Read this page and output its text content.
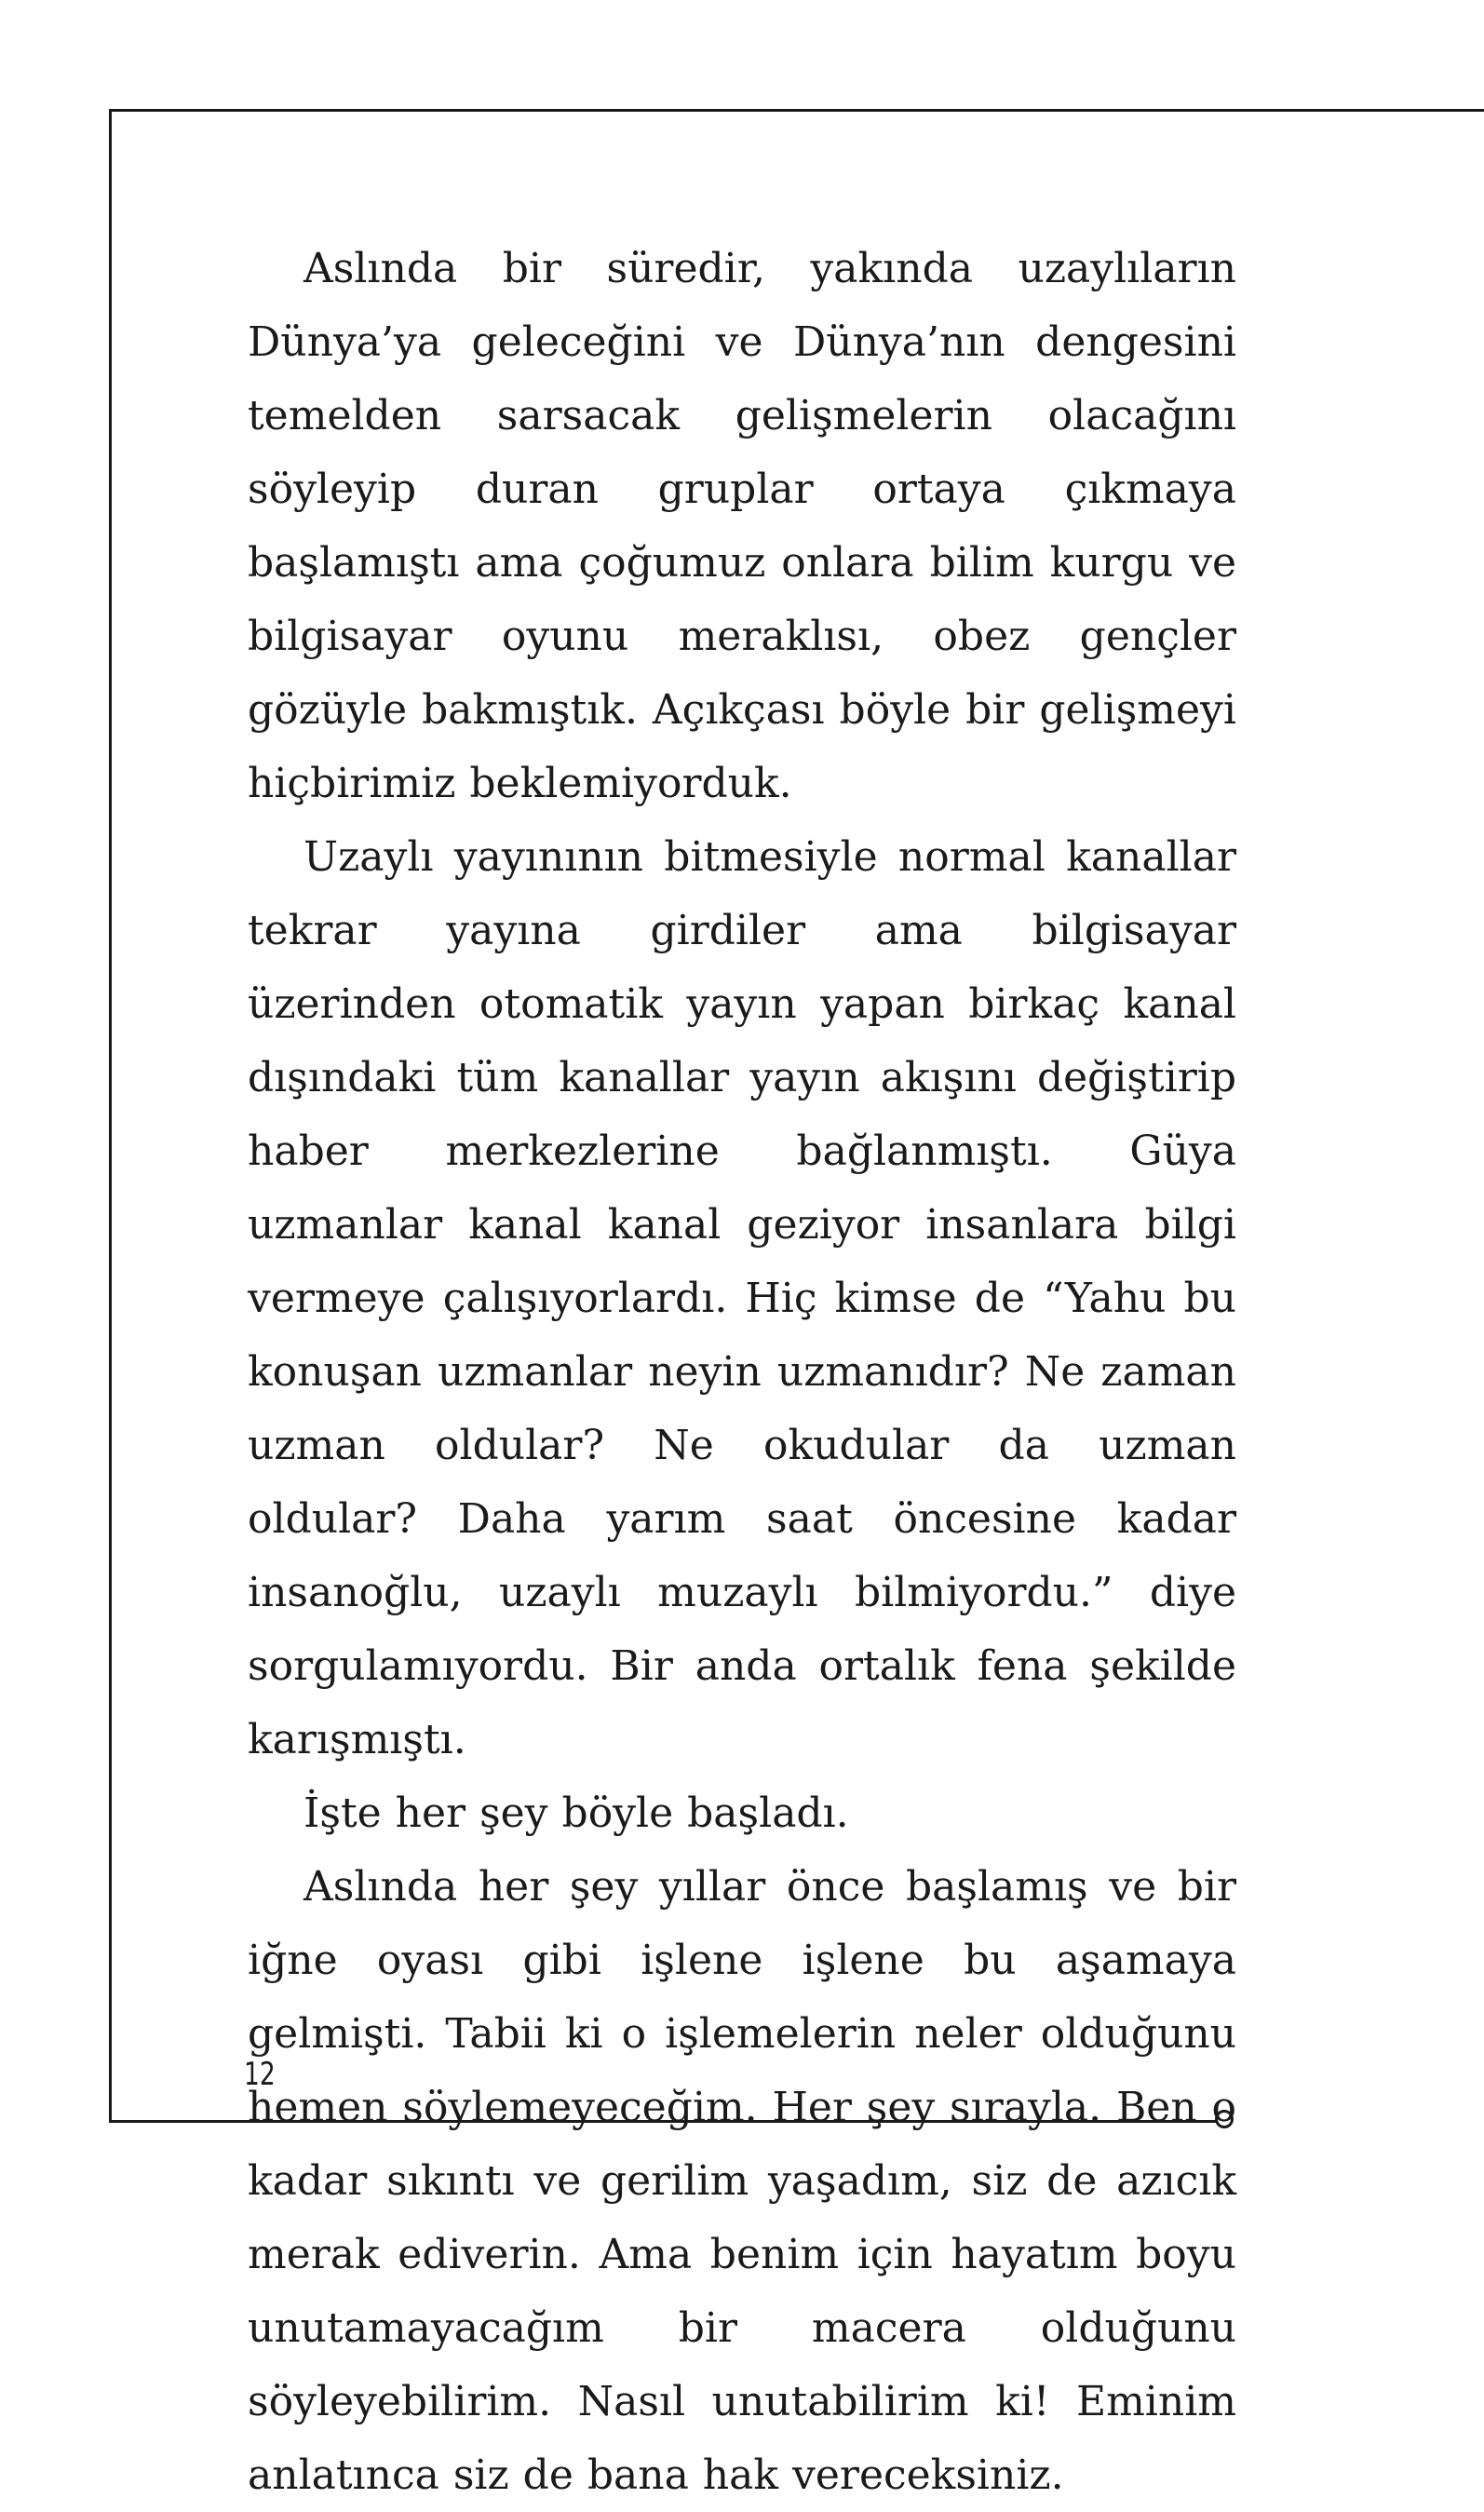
Aslında bir süredir, yakında uzaylıların Dünya’ya geleceğini ve Dünya’nın dengesini temelden sarsacak gelişmelerin olacağını söyleyip duran gruplar ortaya çıkmaya başlamıştı ama çoğumuz onlara bilim kurgu ve bilgisayar oyunu meraklısı, obez gençler gözüyle bakmıştık. Açıkçası böyle bir gelişmeyi hiçbirimiz beklemiyorduk.

Uzaylı yayınının bitmesiyle normal kanallar tekrar yayına girdiler ama bilgisayar üzerinden otomatik yayın yapan birkaç kanal dışındaki tüm kanallar yayın akışını değiştirip haber merkezlerine bağlanmıştı. Güya uzmanlar kanal kanal geziyor insanlara bilgi vermeye çalışıyorlardı. Hiç kimse de “Yahu bu konuşan uzmanlar neyin uzmanıdır? Ne zaman uzman oldular? Ne okudular da uzman oldular? Daha yarım saat öncesine kadar insanoğlu, uzaylı muzaylı bilmiyordu.” diye sorgulamıyordu. Bir anda ortalık fena şekilde karışmıştı.

İşte her şey böyle başladı.

Aslında her şey yıllar önce başlamış ve bir iğne oyası gibi işlene işlene bu aşamaya gelmişti. Tabii ki o işlemelerin neler olduğunu hemen söylemeyeceğim. Her şey sırayla. Ben o kadar sıkıntı ve gerilim yaşadım, siz de azıcık merak ediverin. Ama benim için hayatım boyu unutamayacağım bir macera olduğunu söyleyebilirim. Nasıl unutabilirim ki! Eminim anlatınca siz de bana hak vereceksiniz.

12
